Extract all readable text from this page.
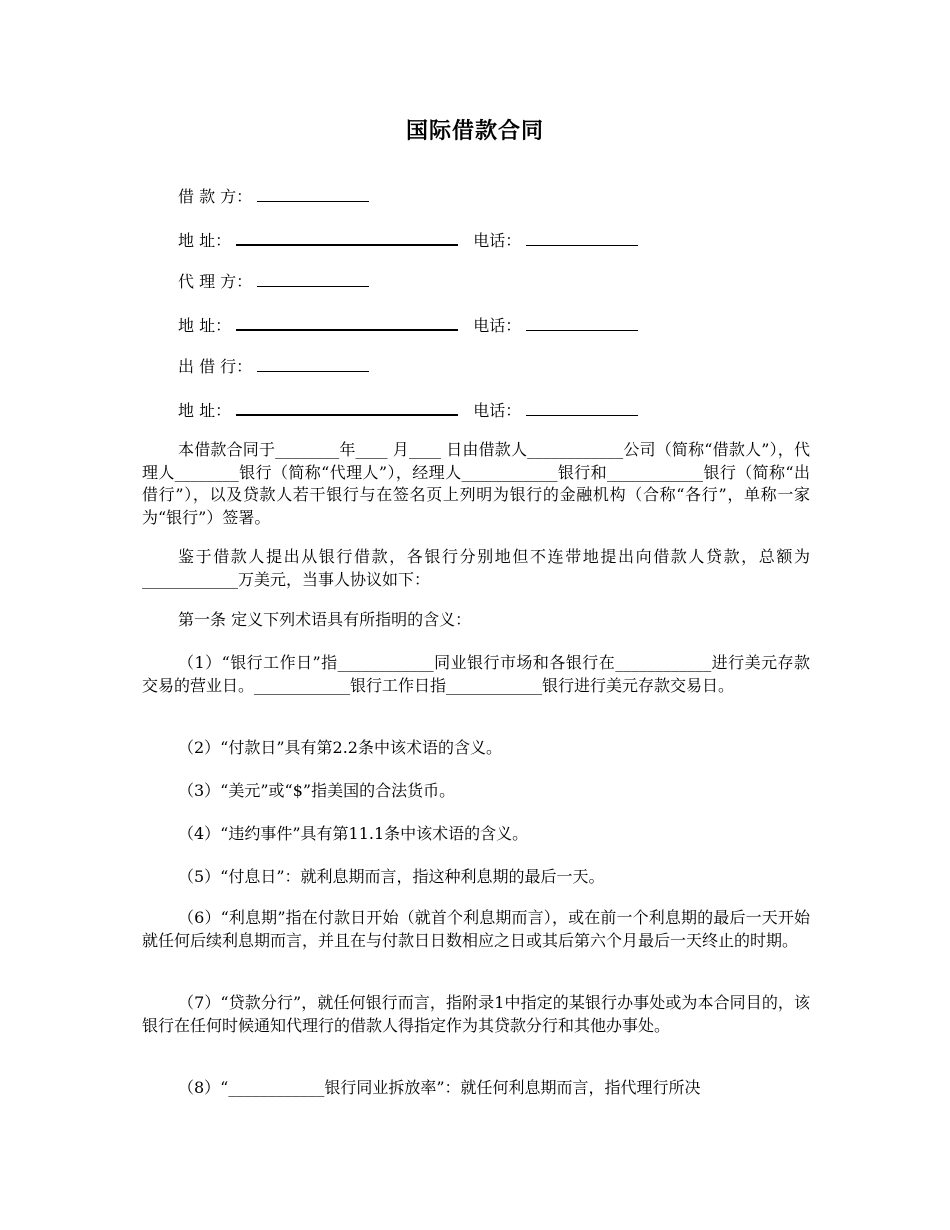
国际借款合同
借 款 方：
地 址：	电话：
代 理 方：
地 址：	电话：
出 借 行：
地 址：	电话：
本借款合同于________年____ 月____ 日由借款人____________公司（简称“借款人”），代理人________银行（简称“代理人”），经理人____________银行和____________银行（简称“出借行”），以及贷款人若干银行与在签名页上列明为银行的金融机构（合称“各行”，单称一家为“银行”）签署。
鉴于借款人提出从银行借款，各银行分别地但不连带地提出向借款人贷款，总额为____________万美元，当事人协议如下：
第一条 定义下列术语具有所指明的含义：
（1）“银行工作日”指____________同业银行市场和各银行在____________进行美元存款交易的营业日。____________银行工作日指____________银行进行美元存款交易日。
（2）“付款日”具有第2.2条中该术语的含义。
（3）“美元”或“$”指美国的合法货币。
（4）“违约事件”具有第11.1条中该术语的含义。
（5）“付息日”：就利息期而言，指这种利息期的最后一天。
（6）“利息期”指在付款日开始（就首个利息期而言），或在前一个利息期的最后一天开始就任何后续利息期而言，并且在与付款日日数相应之日或其后第六个月最后一天终止的时期。
（7）“贷款分行”，就任何银行而言，指附录1中指定的某银行办事处或为本合同目的，该银行在任何时候通知代理行的借款人得指定作为其贷款分行和其他办事处。
（8）“____________银行同业拆放率”：就任何利息期而言，指代理行所决
